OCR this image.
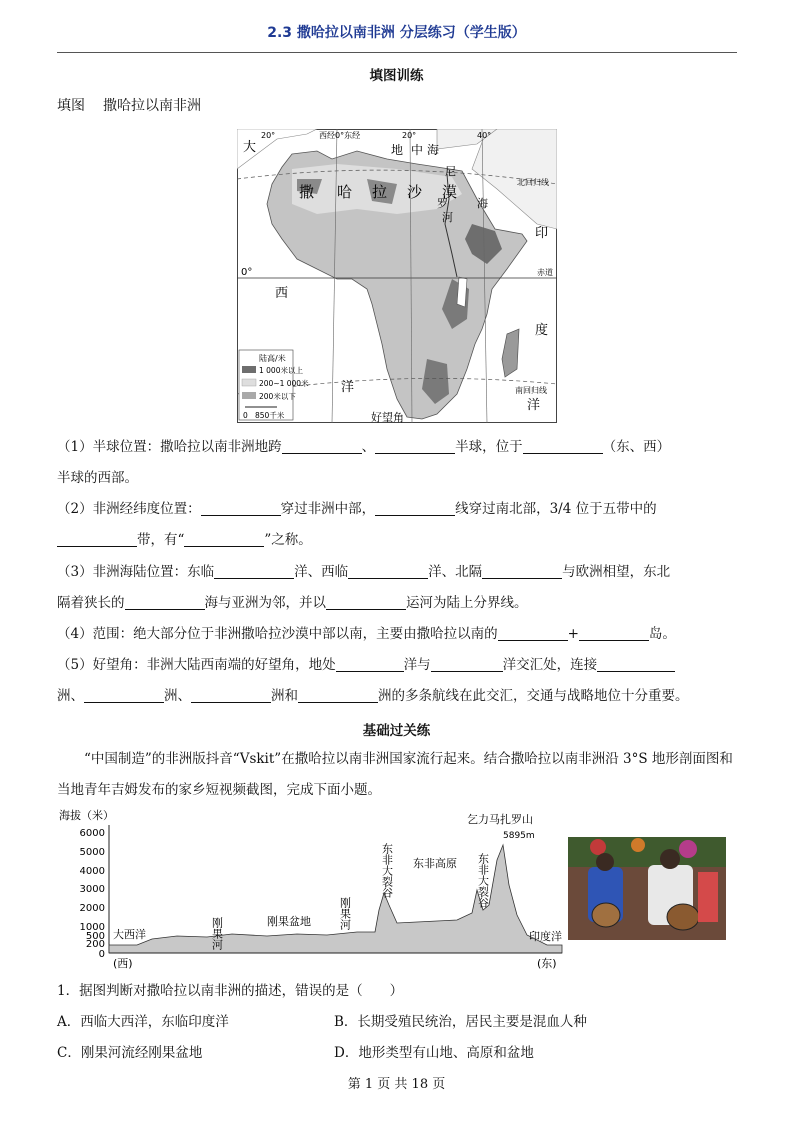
2.3 撒哈拉以南非洲 分层练习（学生版）
填图训练
填图 撒哈拉以南非洲
20°	西经0°东经	20°	40°
0°
北回归线
赤道
南回归线
大	地 中 海
撒 哈 拉 沙 漠
尼
罗
河
海
印
度
洋
西
洋
好望角
陆高/米
1 000米以上
200~1 000米
200米以下
0 850千米
（1）半球位置：撒哈拉以南非洲地跨	、	半球，位于	（东、西）
半球的西部。
（2）非洲经纬度位置：	穿过非洲中部，	线穿过南北部，3/4 位于五带中的
带，有“	”之称。
（3）非洲海陆位置：东临	洋、西临	洋、北隔	与欧洲相望，东北
隔着狭长的	海与亚洲为邻，并以	运河为陆上分界线。
（4）范围：绝大部分位于非洲撒哈拉沙漠中部以南，主要由撒哈拉以南的	+	岛。
（5）好望角：非洲大陆西南端的好望角，地处	洋与	洋交汇处，连接
洲、	洲、	洲和	洲的多条航线在此交汇，交通与战略地位十分重要。
基础过关练
“中国制造”的非洲版抖音“Vskit”在撒哈拉以南非洲国家流行起来。结合撒哈拉以南非洲沿 3°S 地形剖面图和当地青年吉姆发布的家乡短视频截图，完成下面小题。
海拔（米）
6000
5000
4000
3000
2000
1000
500
200
0
大西洋	刚果河	刚果盆地	刚果河
东非大裂谷 东非高原 东非大裂谷
乞力马扎罗山
5895m
印度洋
(西)	(东)
1．据图判断对撒哈拉以南非洲的描述，错误的是（　　）
A．西临大西洋，东临印度洋	B．长期受殖民统治，居民主要是混血人种
C．刚果河流经刚果盆地	D．地形类型有山地、高原和盆地
第 1 页 共 18 页
